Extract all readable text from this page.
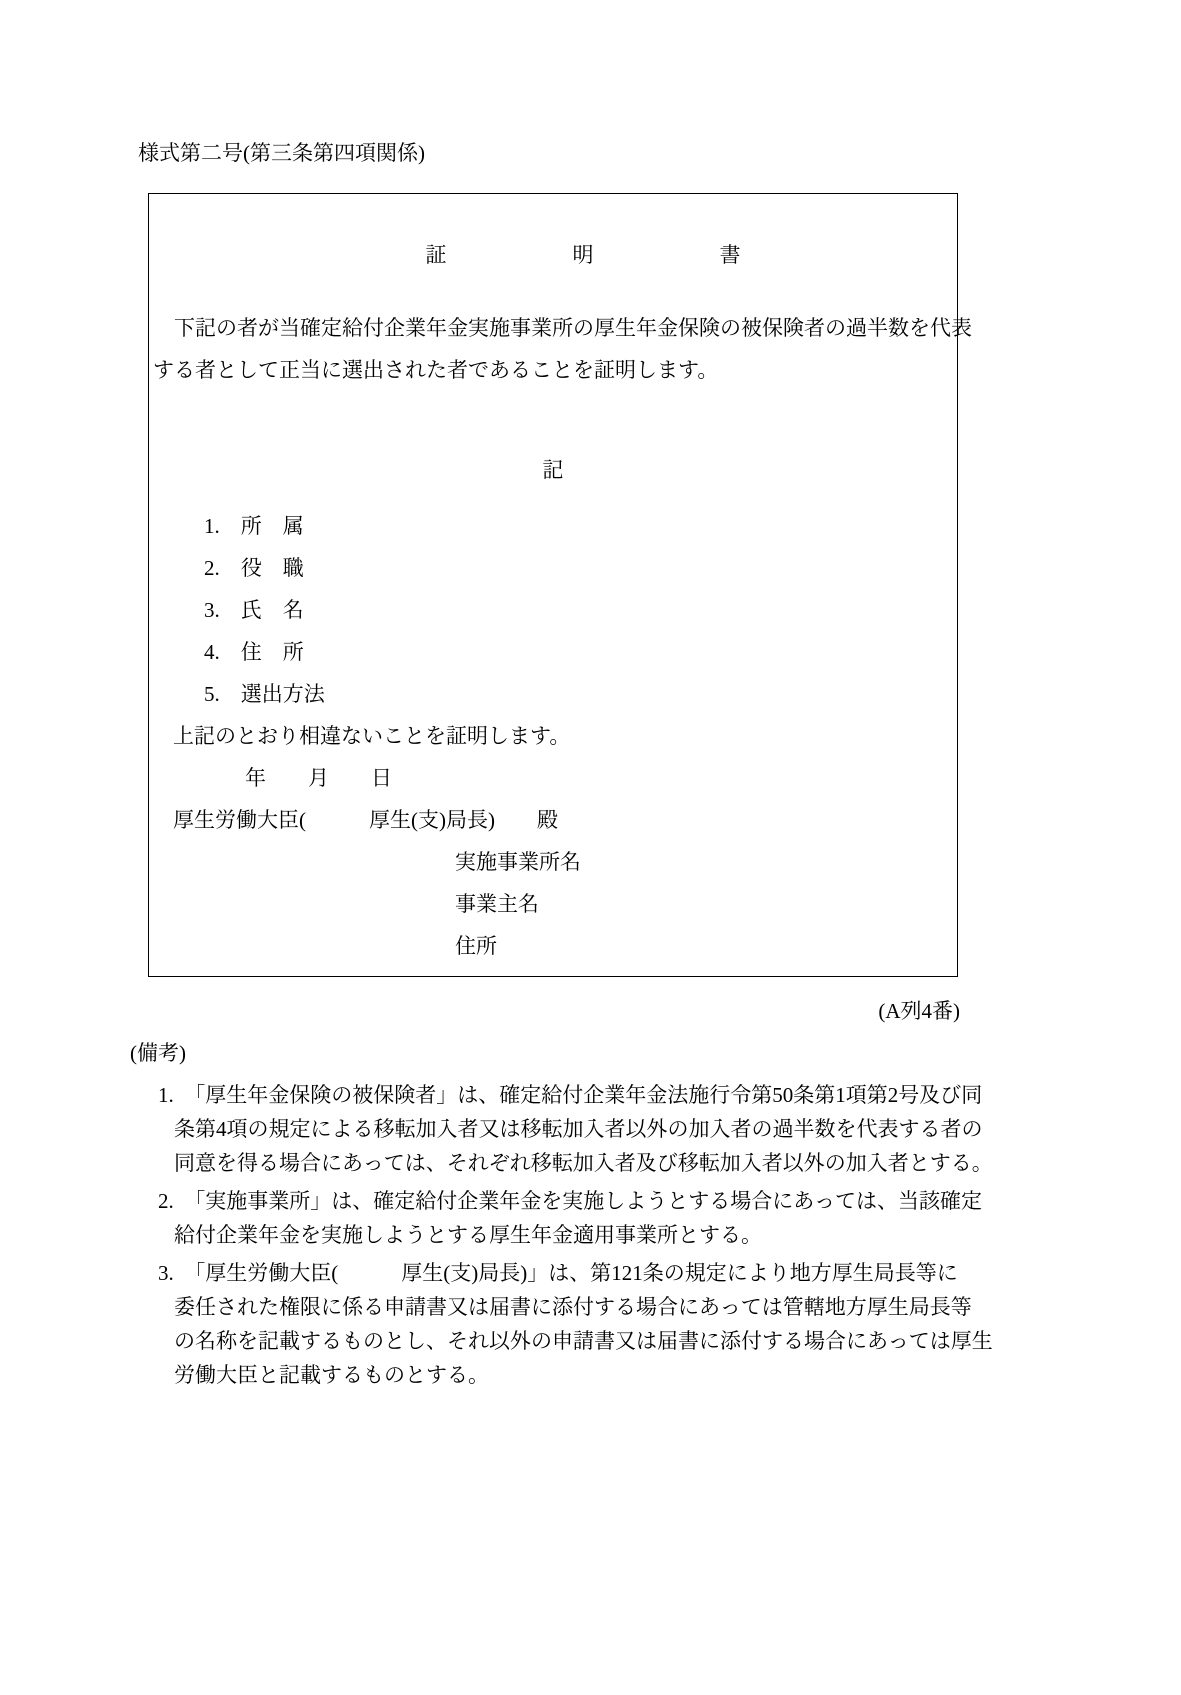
様式第二号(第三条第四項関係)
証　　　　　　明　　　　　　書
　下記の者が当確定給付企業年金実施事業所の厚生年金保険の被保険者の過半数を代表
する者として正当に選出された者であることを証明します。
記
1.　所　属
2.　役　職
3.　氏　名
4.　住　所
5.　選出方法
上記のとおり相違ないことを証明します。
年　　月　　日
厚生労働大臣(　　　厚生(支)局長)　　殿
実施事業所名
事業主名
住所
(A列4番)
(備考)
1.　「厚生年金保険の被保険者」は、確定給付企業年金法施行令第50条第1項第2号及び同
条第4項の規定による移転加入者又は移転加入者以外の加入者の過半数を代表する者の
同意を得る場合にあっては、それぞれ移転加入者及び移転加入者以外の加入者とする。
2.　「実施事業所」は、確定給付企業年金を実施しようとする場合にあっては、当該確定
給付企業年金を実施しようとする厚生年金適用事業所とする。
3.　「厚生労働大臣(　　　厚生(支)局長)」は、第121条の規定により地方厚生局長等に
委任された権限に係る申請書又は届書に添付する場合にあっては管轄地方厚生局長等
の名称を記載するものとし、それ以外の申請書又は届書に添付する場合にあっては厚生
労働大臣と記載するものとする。
